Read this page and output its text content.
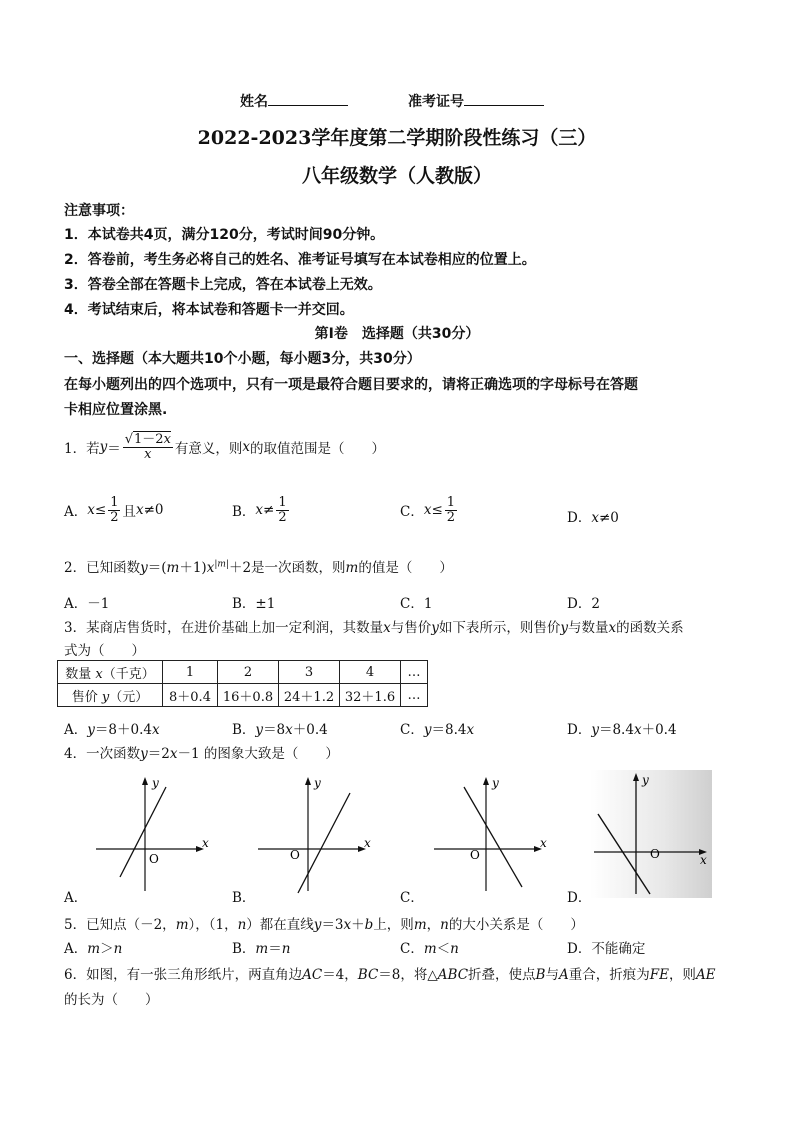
姓名	准考证号
2022-2023学年度第二学期阶段性练习（三）
八年级数学（人教版）
注意事项：
1．本试卷共4页，满分120分，考试时间90分钟。
2．答卷前，考生务必将自己的姓名、准考证号填写在本试卷相应的位置上。
3．答卷全部在答题卡上完成，答在本试卷上无效。
4．考试结束后，将本试卷和答题卡一并交回。
第Ⅰ卷　选择题（共30分）
一、选择题（本大题共10个小题，每小题3分，共30分）
在每小题列出的四个选项中，只有一项是最符合题目要求的，请将正确选项的字母标号在答题
卡相应位置涂黑.
1．若 $y = \frac{√1-2x}{x}$ 有意义，则 x 的取值范围是（　　）
A． $x \le \frac{1}{2}$ 且 x ≠0	B． $x \ne \frac{1}{2}$	C． $x \le \frac{1}{2}$	D．x≠0
2．已知函数$y=(m+1)x^{|m|}+2$是一次函数，则m的值是（　　）
A．－1	B．±1	C．1	D．2
3．某商店售货时，在进价基础上加一定利润，其数量x与售价y如下表所示，则售价y与数量x的函数关系
式为（　　）
数量 x（千克）	1	2	3	4	…
售价 y（元）	8＋0.4	16＋0.8	24＋1.2	32＋1.6	…
A．y＝8＋0.4x	B．y＝8x＋0.4	C．y＝8.4x	D．y＝8.4x＋0.4
4．一次函数y＝2x－1 的图象大致是（　　）
y
x
O
y
x
O
y
x
O
y
x
O
A．	B．	C．	D．
5．已知点（－2，m），（1，n）都在直线y＝3x＋b上，则m，n的大小关系是（　　）
A．m＞n	B．m＝n	C．m＜n	D．不能确定
6．如图，有一张三角形纸片，两直角边AC＝4，BC＝8，将△ABC折叠，使点B与A重合，折痕为FE，则AE
的长为（　　）
